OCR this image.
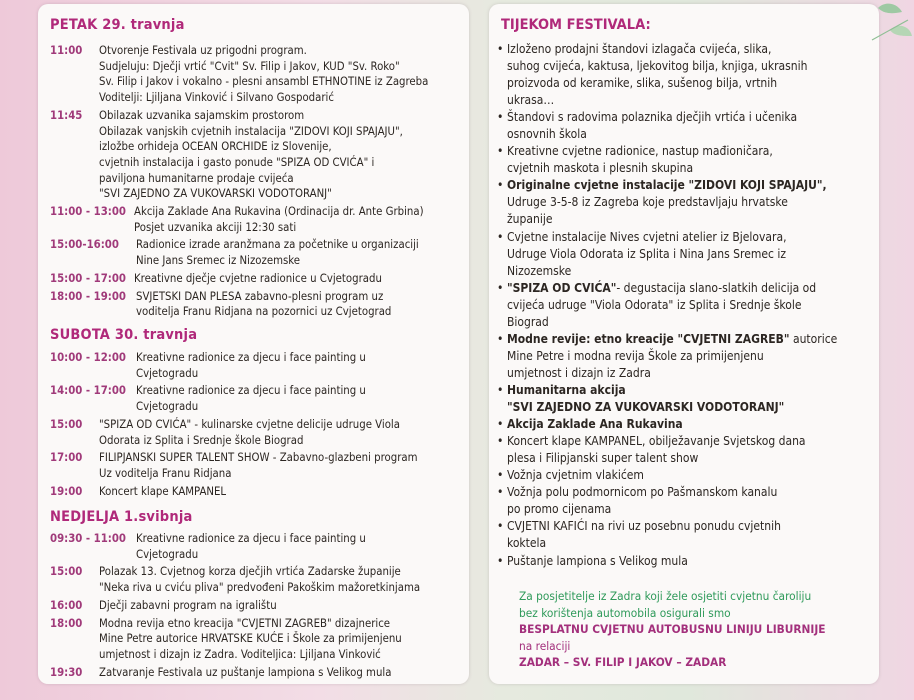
PETAK 29. travnja
SUBOTA 30. travnja
NEDJELJA 1.svibnja
11:00 Otvorenje Festivala uz prigodni program.
Sudjeluju: Dječji vrtić "Cvit" Sv. Filip i Jakov, KUD "Sv. Roko"
Sv. Filip i Jakov i vokalno - plesni ansambl ETHNOTINE iz Zagreba
Voditelji: Ljiljana Vinković i Silvano Gospodarić
11:45 Obilazak uzvanika sajamskim prostorom
Obilazak vanjskih cvjetnih instalacija "ZIDOVI KOJI SPAJAJU",
izložbe orhideja OCEAN ORCHIDE iz Slovenije,
cvjetnih instalacija i gasto ponude "SPIZA OD CVIĆA" i
paviljona humanitarne prodaje cvijeća
"SVI ZAJEDNO ZA VUKOVARSKI VODOTORANJ"
11:00 - 13:00 Akcija Zaklade Ana Rukavina (Ordinacija dr. Ante Grbina)
Posjet uzvanika akciji 12:30 sati
15:00-16:00 Radionice izrade aranžmana za početnike u organizaciji
Nine Jans Sremec iz Nizozemske
15:00 - 17:00 Kreativne dječje cvjetne radionice u Cvjetogradu
18:00 - 19:00 SVJETSKI DAN PLESA zabavno-plesni program uz
voditelja Franu Ridjana na pozornici uz Cvjetograd
10:00 - 12:00 Kreativne radionice za djecu i face painting u
Cvjetogradu
14:00 - 17:00 Kreativne radionice za djecu i face painting u
Cvjetogradu
15:00 "SPIZA OD CVIĆA" - kulinarske cvjetne delicije udruge Viola
Odorata iz Splita i Srednje škole Biograd
17:00 FILIPJANSKI SUPER TALENT SHOW - Zabavno-glazbeni program
Uz voditelja Franu Ridjana
19:00 Koncert klape KAMPANEL
09:30 - 11:00 Kreativne radionice za djecu i face painting u
Cvjetogradu
15:00 Polazak 13. Cvjetnog korza dječjih vrtića Zadarske županije
"Neka riva u cviću pliva" predvođeni Pakoškim mažoretkinjama
16:00 Dječji zabavni program na igralištu
18:00 Modna revija etno kreacija "CVJETNI ZAGREB" dizajnerice
Mine Petre autorice HRVATSKE KUĆE i Škole za primijenjenu
umjetnost i dizajn iz Zadra. Voditeljica: Ljiljana Vinković
19:30 Zatvaranje Festivala uz puštanje lampiona s Velikog mula
TIJEKOM FESTIVALA:
• Izloženo prodajni štandovi izlagača cvijeća, slika,
suhog cvijeća, kaktusa, ljekovitog bilja, knjiga, ukrasnih
proizvoda od keramike, slika, sušenog bilja, vrtnih
ukrasa…
• Štandovi s radovima polaznika dječjih vrtića i učenika
osnovnih škola
• Kreativne cvjetne radionice, nastup mađioničara,
cvjetnih maskota i plesnih skupina
• Originalne cvjetne instalacije "ZIDOVI KOJI SPAJAJU",
Udruge 3-5-8 iz Zagreba koje predstavljaju hrvatske
županije
• Cvjetne instalacije Nives cvjetni atelier iz Bjelovara,
Udruge Viola Odorata iz Splita i Nina Jans Sremec iz
Nizozemske
• "SPIZA OD CVIĆA"- degustacija slano-slatkih delicija od
cvijeća udruge "Viola Odorata" iz Splita i Srednje škole
Biograd
• Modne revije: etno kreacije "CVJETNI ZAGREB" autorice
Mine Petre i modna revija Škole za primijenjenu
umjetnost i dizajn iz Zadra
• Humanitarna akcija
"SVI ZAJEDNO ZA VUKOVARSKI VODOTORANJ"
• Akcija Zaklade Ana Rukavina
• Koncert klape KAMPANEL, obilježavanje Svjetskog dana
plesa i Filipjanski super talent show
• Vožnja cvjetnim vlakićem
• Vožnja polu podmornicom po Pašmanskom kanalu
po promo cijenama
• CVJETNI KAFIĆI na rivi uz posebnu ponudu cvjetnih
koktela
• Puštanje lampiona s Velikog mula
Za posjetitelje iz Zadra koji žele osjetiti cvjetnu čaroliju
bez korištenja automobila osigurali smo
BESPLATNU CVJETNU AUTOBUSNU LINIJU LIBURNIJE
na relaciji
ZADAR – SV. FILIP I JAKOV – ZADAR
